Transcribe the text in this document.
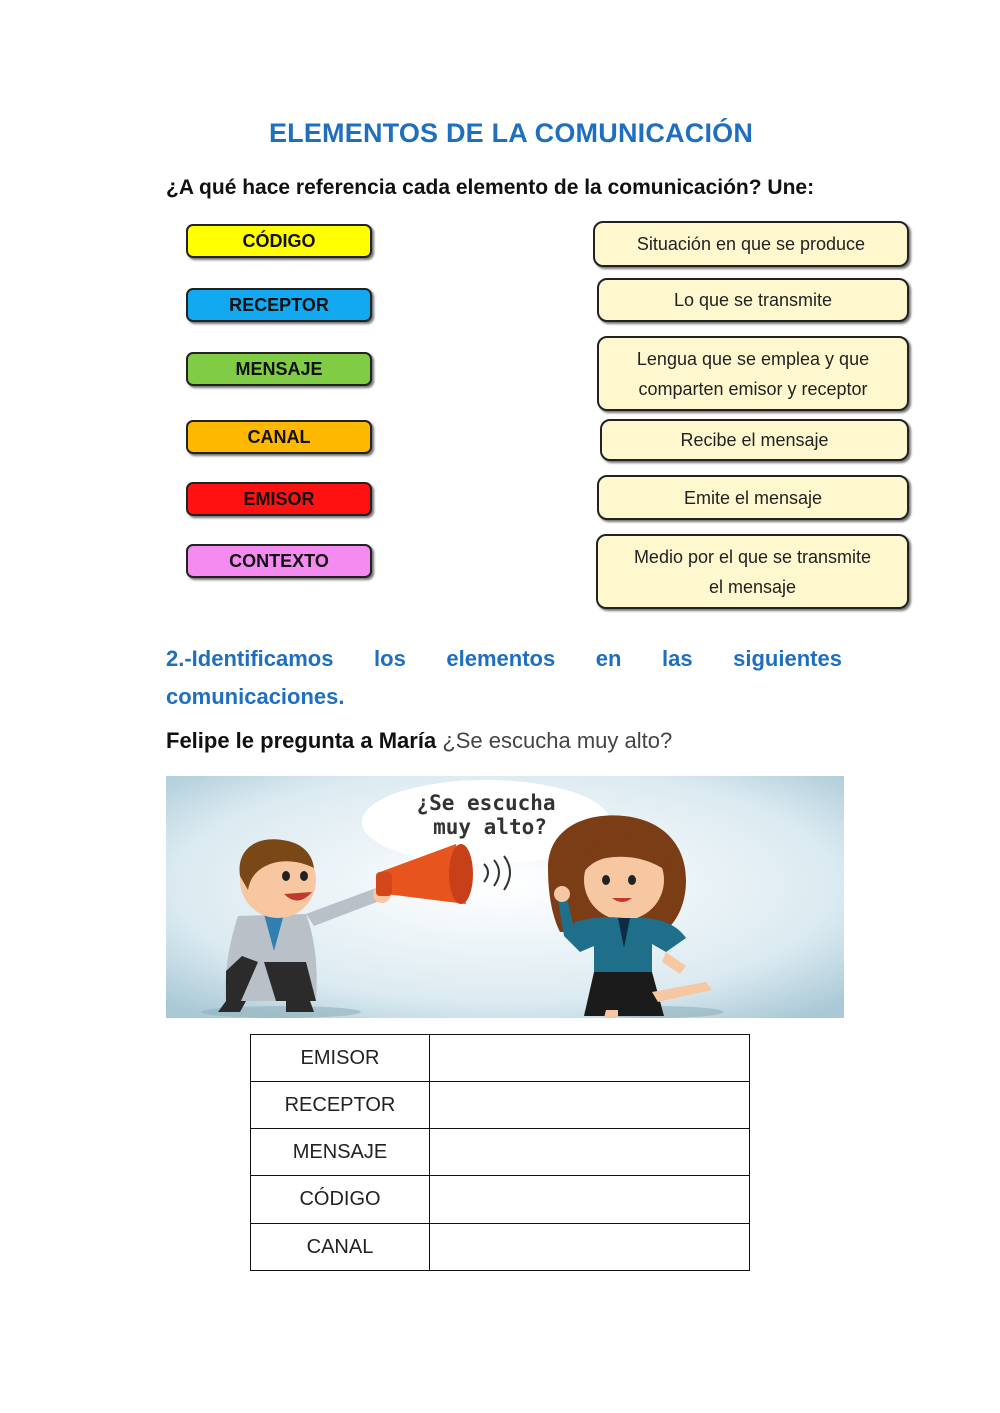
ELEMENTOS DE LA COMUNICACIÓN
¿A qué hace referencia cada elemento de la comunicación? Une:
CÓDIGO
RECEPTOR
MENSAJE
CANAL
EMISOR
CONTEXTO
Situación en que se produce
Lo que se transmite
Lengua que se emplea y que
comparten emisor y receptor
Recibe el mensaje
Emite el mensaje
Medio por el que se transmite
el mensaje
2.-Identificamos los elementos en las siguientes
comunicaciones.
Felipe le pregunta a María ¿Se escucha muy alto?
¿Se escucha
muy alto?
EMISOR	
RECEPTOR	
MENSAJE	
CÓDIGO	
CANAL	
